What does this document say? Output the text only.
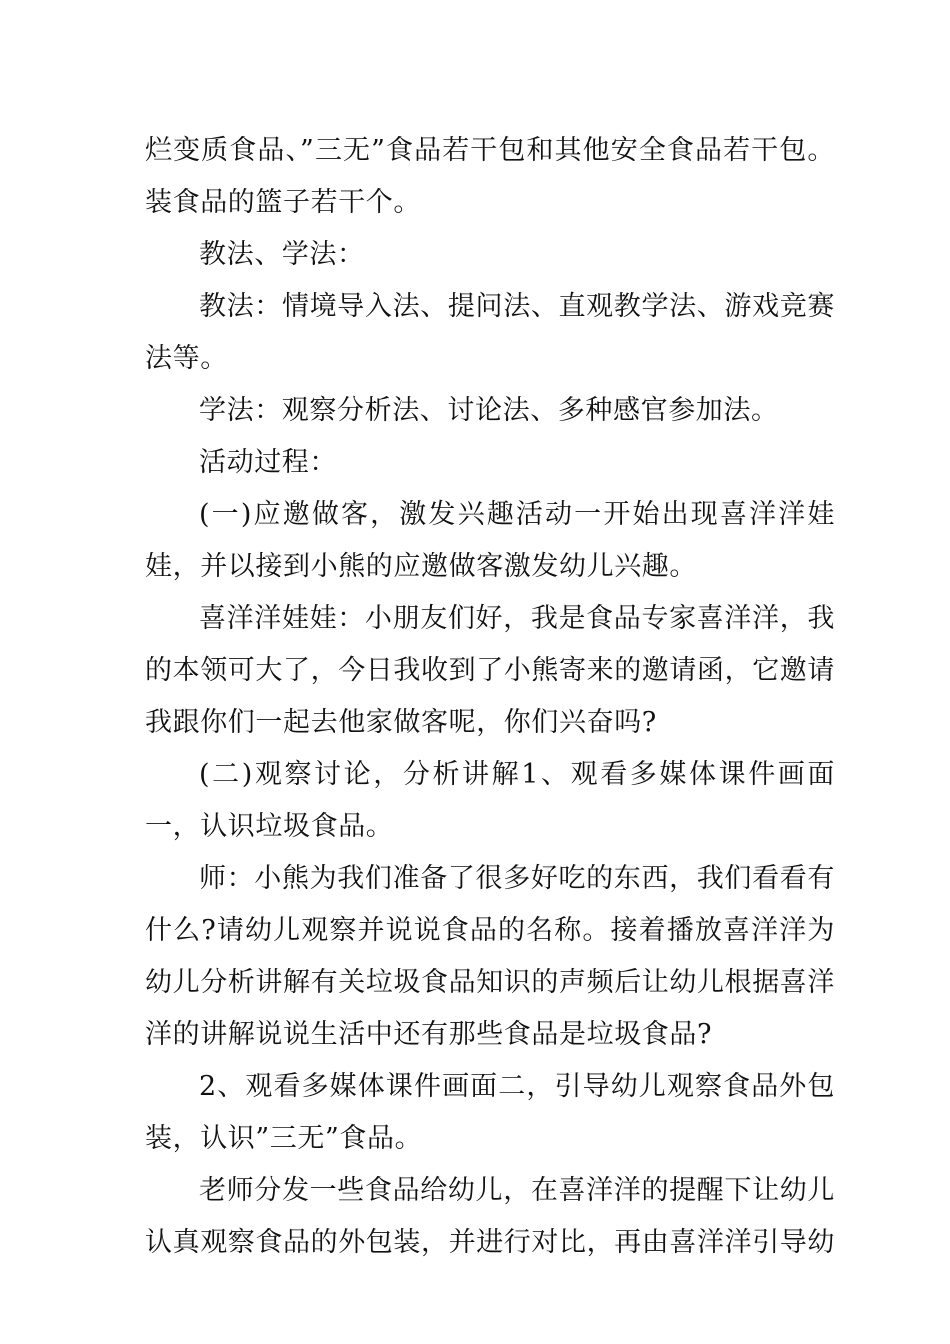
烂变质食品、”三无”食品若干包和其他安全食品若干包。装食品的篮子若干个。

教法、学法：

教法：情境导入法、提问法、直观教学法、游戏竞赛法等。

学法：观察分析法、讨论法、多种感官参加法。

活动过程：

(一)应邀做客，激发兴趣活动一开始出现喜洋洋娃娃，并以接到小熊的应邀做客激发幼儿兴趣。

喜洋洋娃娃：小朋友们好，我是食品专家喜洋洋，我的本领可大了，今日我收到了小熊寄来的邀请函，它邀请我跟你们一起去他家做客呢，你们兴奋吗?

(二)观察讨论，分析讲解1、观看多媒体课件画面一，认识垃圾食品。

师：小熊为我们准备了很多好吃的东西，我们看看有什么?请幼儿观察并说说食品的名称。接着播放喜洋洋为幼儿分析讲解有关垃圾食品知识的声频后让幼儿根据喜洋洋的讲解说说生活中还有那些食品是垃圾食品?

2、观看多媒体课件画面二，引导幼儿观察食品外包装，认识”三无”食品。

老师分发一些食品给幼儿，在喜洋洋的提醒下让幼儿认真观察食品的外包装，并进行对比，再由喜洋洋引导幼
